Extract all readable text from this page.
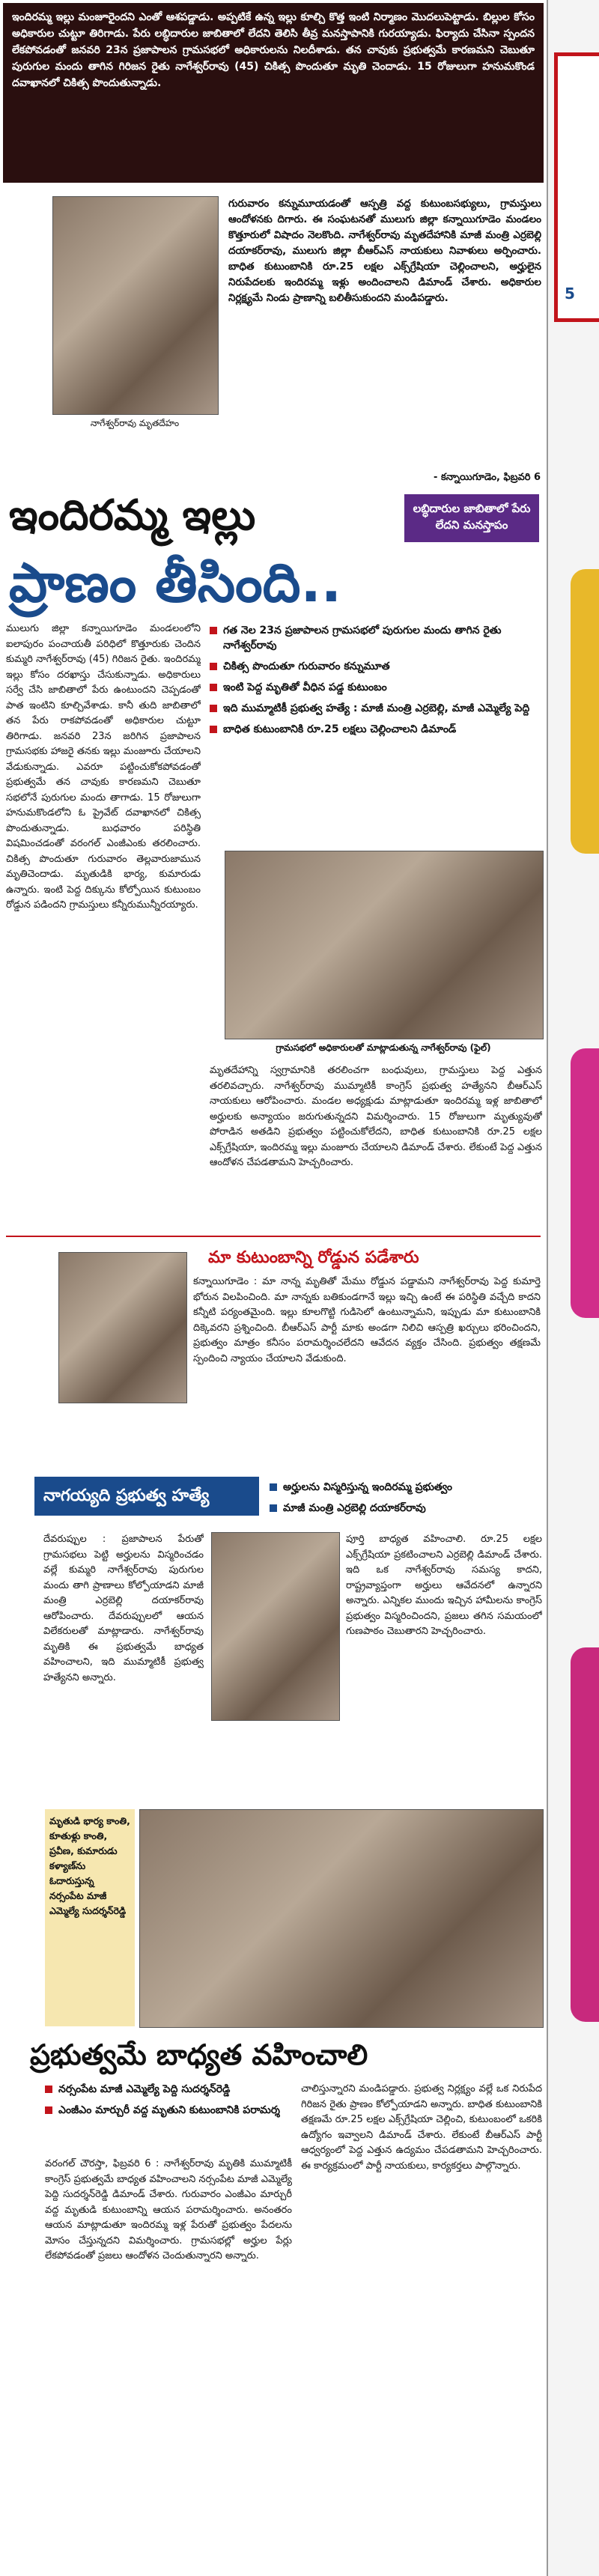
ఇందిరమ్మ ఇల్లు మంజూరైందని ఎంతో ఆశపడ్డాడు. అప్పటికే ఉన్న ఇల్లు కూల్చి కొత్త ఇంటి నిర్మాణం మొదలుపెట్టాడు. బిల్లుల కోసం అధికారుల చుట్టూ తిరిగాడు. పేరు లబ్ధిదారుల జాబితాలో లేదని తెలిసి తీవ్ర మనస్తాపానికి గురయ్యాడు. ఫిర్యాదు చేసినా స్పందన లేకపోవడంతో జనవరి 23న ప్రజాపాలన గ్రామసభలో అధికారులను నిలదీశాడు. తన చావుకు ప్రభుత్వమే కారణమని చెబుతూ పురుగుల మందు తాగిన గిరిజన రైతు నాగేశ్వర్‌రావు (45) చికిత్స పొందుతూ మృతి చెందాడు. 15 రోజులుగా హనుమకొండ దవాఖానలో చికిత్స పొందుతున్నాడు.

నాగేశ్వర్‌రావు మృతదేహం

గురువారం కన్నుమూయడంతో ఆస్పత్రి వద్ద కుటుంబసభ్యులు, గ్రామస్తులు ఆందోళనకు దిగారు. ఈ సంఘటనతో ములుగు జిల్లా కన్నాయిగూడెం మండలం కొత్తూరులో విషాదం నెలకొంది. నాగేశ్వర్‌రావు మృతదేహానికి మాజీ మంత్రి ఎర్రబెల్లి దయాకర్‌రావు, ములుగు జిల్లా బీఆర్‌ఎస్ నాయకులు నివాళులు అర్పించారు. బాధిత కుటుంబానికి రూ.25 లక్షల ఎక్స్‌గ్రేషియా చెల్లించాలని, అర్హులైన నిరుపేదలకు ఇందిరమ్మ ఇళ్లు అందించాలని డిమాండ్ చేశారు. అధికారుల నిర్లక్ష్యమే నిండు ప్రాణాన్ని బలితీసుకుందని మండిపడ్డారు.

- కన్నాయిగూడెం, ఫిబ్రవరి 6
ఇందిరమ్మ ఇల్లు	లబ్ధిదారుల జాబితాలో పేరు లేదని మనస్తాపం
ప్రాణం తీసింది..

ములుగు జిల్లా కన్నాయిగూడెం మండలంలోని ఐలాపురం పంచాయతీ పరిధిలో కొత్తూరుకు చెందిన కుమ్మరి నాగేశ్వర్‌రావు (45) గిరిజన రైతు. ఇందిరమ్మ ఇల్లు కోసం దరఖాస్తు చేసుకున్నాడు. అధికారులు సర్వే చేసి జాబితాలో పేరు ఉంటుందని చెప్పడంతో పాత ఇంటిని కూల్చివేశాడు. కానీ తుది జాబితాలో తన పేరు రాకపోవడంతో అధికారుల చుట్టూ తిరిగాడు. జనవరి 23న జరిగిన ప్రజాపాలన గ్రామసభకు హాజరై తనకు ఇల్లు మంజూరు చేయాలని వేడుకున్నాడు. ఎవరూ పట్టించుకోకపోవడంతో ప్రభుత్వమే తన చావుకు కారణమని చెబుతూ సభలోనే పురుగుల మందు తాగాడు. 15 రోజులుగా హనుమకొండలోని ఓ ప్రైవేట్ దవాఖానలో చికిత్స పొందుతున్నాడు. బుధవారం పరిస్థితి విషమించడంతో వరంగల్ ఎంజీఎంకు తరలించారు. చికిత్స పొందుతూ గురువారం తెల్లవారుజామున మృతిచెందాడు. మృతుడికి భార్య, కుమారుడు ఉన్నారు. ఇంటి పెద్ద దిక్కును కోల్పోయిన కుటుంబం రోడ్డున పడిందని గ్రామస్తులు కన్నీరుమున్నీరయ్యారు.

గత నెల 23న ప్రజాపాలన గ్రామసభలో పురుగుల మందు తాగిన రైతు నాగేశ్వర్‌రావు
చికిత్స పొందుతూ గురువారం కన్నుమూత
ఇంటి పెద్ద మృతితో వీధిన పడ్డ కుటుంబం
ఇది ముమ్మాటికీ ప్రభుత్వ హత్యే : మాజీ మంత్రి ఎర్రబెల్లి, మాజీ ఎమ్మెల్యే పెద్ది
బాధిత కుటుంబానికి రూ.25 లక్షలు చెల్లించాలని డిమాండ్
గ్రామసభలో అధికారులతో మాట్లాడుతున్న నాగేశ్వర్‌రావు (ఫైల్)

మృతదేహాన్ని స్వగ్రామానికి తరలించగా బంధువులు, గ్రామస్తులు పెద్ద ఎత్తున తరలివచ్చారు. నాగేశ్వర్‌రావు ముమ్మాటికీ కాంగ్రెస్ ప్రభుత్వ హత్యేనని బీఆర్‌ఎస్ నాయకులు ఆరోపించారు. మండల అధ్యక్షుడు మాట్లాడుతూ ఇందిరమ్మ ఇళ్ల జాబితాలో అర్హులకు అన్యాయం జరుగుతున్నదని విమర్శించారు. 15 రోజులుగా మృత్యువుతో పోరాడిన అతడిని ప్రభుత్వం పట్టించుకోలేదని, బాధిత కుటుంబానికి రూ.25 లక్షల ఎక్స్‌గ్రేషియా, ఇందిరమ్మ ఇల్లు మంజూరు చేయాలని డిమాండ్ చేశారు. లేకుంటే పెద్ద ఎత్తున ఆందోళన చేపడతామని హెచ్చరించారు.

మా కుటుంబాన్ని రోడ్డున పడేశారు

కన్నాయిగూడెం : మా నాన్న మృతితో మేము రోడ్డున పడ్డామని నాగేశ్వర్‌రావు పెద్ద కుమార్తె భోరున విలపించింది. మా నాన్నకు బతికుండగానే ఇల్లు ఇచ్చి ఉంటే ఈ పరిస్థితి వచ్చేది కాదని కన్నీటి పర్యంతమైంది. ఇల్లు కూలగొట్టి గుడిసెలో ఉంటున్నామని, ఇప్పుడు మా కుటుంబానికి దిక్కెవరని ప్రశ్నించింది. బీఆర్‌ఎస్ పార్టీ మాకు అండగా నిలిచి ఆస్పత్రి ఖర్చులు భరించిందని, ప్రభుత్వం మాత్రం కనీసం పరామర్శించలేదని ఆవేదన వ్యక్తం చేసింది. ప్రభుత్వం తక్షణమే స్పందించి న్యాయం చేయాలని వేడుకుంది.

నాగయ్యది ప్రభుత్వ హత్యే	అర్హులను విస్మరిస్తున్న ఇందిరమ్మ ప్రభుత్వం
మాజీ మంత్రి ఎర్రబెల్లి దయాకర్‌రావు

దేవరుప్పుల : ప్రజాపాలన పేరుతో గ్రామసభలు పెట్టి అర్హులను విస్మరించడం వల్లే కుమ్మరి నాగేశ్వర్‌రావు పురుగుల మందు తాగి ప్రాణాలు కోల్పోయాడని మాజీ మంత్రి ఎర్రబెల్లి దయాకర్‌రావు ఆరోపించారు. దేవరుప్పులలో ఆయన విలేకరులతో మాట్లాడారు. నాగేశ్వర్‌రావు మృతికి ఈ ప్రభుత్వమే బాధ్యత వహించాలని, ఇది ముమ్మాటికీ ప్రభుత్వ హత్యేనని అన్నారు.

పూర్తి బాధ్యత వహించాలి. రూ.25 లక్షల ఎక్స్‌గ్రేషియా ప్రకటించాలని ఎర్రబెల్లి డిమాండ్ చేశారు. ఇది ఒక నాగేశ్వర్‌రావు సమస్య కాదని, రాష్ట్రవ్యాప్తంగా అర్హులు ఆవేదనలో ఉన్నారని అన్నారు. ఎన్నికల ముందు ఇచ్చిన హామీలను కాంగ్రెస్ ప్రభుత్వం విస్మరించిందని, ప్రజలు తగిన సమయంలో గుణపాఠం చెబుతారని హెచ్చరించారు.

మృతుడి భార్య కాంతి, కూతుళ్లు కాంతి, ప్రవీణ, కుమారుడు కళ్యాణ్‌ను ఓదారుస్తున్న నర్సంపేట మాజీ ఎమ్మెల్యే సుదర్శన్‌రెడ్డి

ప్రభుత్వమే బాధ్యత వహించాలి
నర్సంపేట మాజీ ఎమ్మెల్యే పెద్ది సుదర్శన్‌రెడ్డి
ఎంజీఎం మార్చురీ వద్ద మృతుని కుటుంబానికి పరామర్శ

వరంగల్ చౌరస్తా, ఫిబ్రవరి 6 : నాగేశ్వర్‌రావు మృతికి ముమ్మాటికీ కాంగ్రెస్ ప్రభుత్వమే బాధ్యత వహించాలని నర్సంపేట మాజీ ఎమ్మెల్యే పెద్ది సుదర్శన్‌రెడ్డి డిమాండ్ చేశారు. గురువారం ఎంజీఎం మార్చురీ వద్ద మృతుడి కుటుంబాన్ని ఆయన పరామర్శించారు. అనంతరం ఆయన మాట్లాడుతూ ఇందిరమ్మ ఇళ్ల పేరుతో ప్రభుత్వం పేదలను మోసం చేస్తున్నదని విమర్శించారు. గ్రామసభల్లో అర్హుల పేర్లు లేకపోవడంతో ప్రజలు ఆందోళన చెందుతున్నారని అన్నారు.

చాలిస్తున్నారని మండిపడ్డారు. ప్రభుత్వ నిర్లక్ష్యం వల్లే ఒక నిరుపేద గిరిజన రైతు ప్రాణం కోల్పోయాడని అన్నారు. బాధిత కుటుంబానికి తక్షణమే రూ.25 లక్షల ఎక్స్‌గ్రేషియా చెల్లించి, కుటుంబంలో ఒకరికి ఉద్యోగం ఇవ్వాలని డిమాండ్ చేశారు. లేకుంటే బీఆర్‌ఎస్ పార్టీ ఆధ్వర్యంలో పెద్ద ఎత్తున ఉద్యమం చేపడతామని హెచ్చరించారు. ఈ కార్యక్రమంలో పార్టీ నాయకులు, కార్యకర్తలు పాల్గొన్నారు.

5
